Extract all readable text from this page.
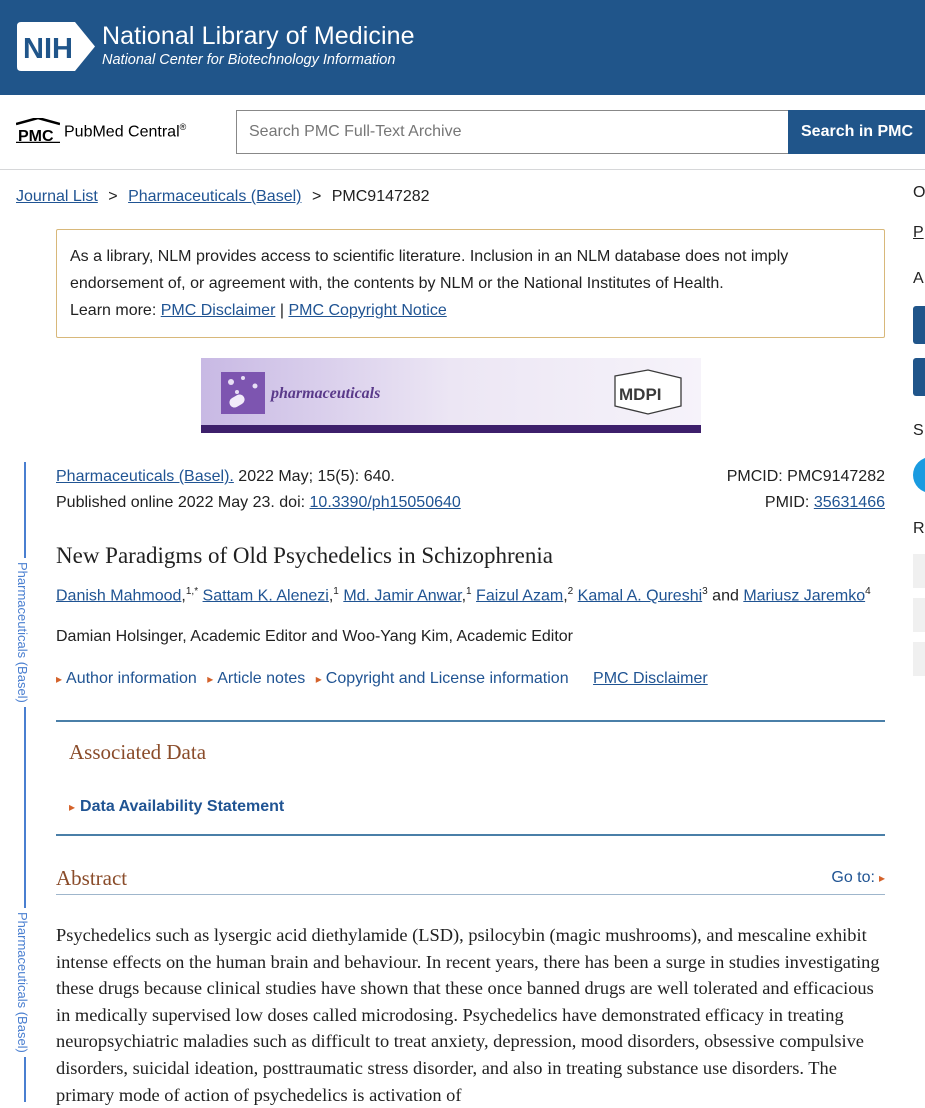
NIH National Library of Medicine
National Center for Biotechnology Information
PMC PubMed Central®
Search PMC Full-Text Archive	Search in PMC
Journal List > Pharmaceuticals (Basel) > PMC9147282
As a library, NLM provides access to scientific literature. Inclusion in an NLM database does not imply endorsement of, or agreement with, the contents by NLM or the National Institutes of Health.
Learn more: PMC Disclaimer | PMC Copyright Notice
pharmaceuticals	MDPI
Pharmaceuticals (Basel)
Pharmaceuticals (Basel)
Pharmaceuticals (Basel). 2022 May; 15(5): 640.
Published online 2022 May 23. doi: 10.3390/ph15050640
PMCID: PMC9147282
PMID: 35631466
New Paradigms of Old Psychedelics in Schizophrenia
Danish Mahmood,$^{1,*}$ Sattam K. Alenezi,$^1$ Md. Jamir Anwar,$^1$ Faizul Azam,$^2$ Kamal A. Qureshi$^3$ and Mariusz Jaremko$^4$
Damian Holsinger, Academic Editor and Woo-Yang Kim, Academic Editor
▸ Author information ▸ Article notes ▸ Copyright and License information PMC Disclaimer
Associated Data
▸ Data Availability Statement
Abstract	Go to: ▸
Psychedelics such as lysergic acid diethylamide (LSD), psilocybin (magic mushrooms), and mescaline exhibit intense effects on the human brain and behaviour. In recent years, there has been a surge in studies investigating these drugs because clinical studies have shown that these once banned drugs are well tolerated and efficacious in medically supervised low doses called microdosing. Psychedelics have demonstrated efficacy in treating neuropsychiatric maladies such as difficult to treat anxiety, depression, mood disorders, obsessive compulsive disorders, suicidal ideation, posttraumatic stress disorder, and also in treating substance use disorders. The primary mode of action of psychedelics is activation of
O
P
A
S
R
